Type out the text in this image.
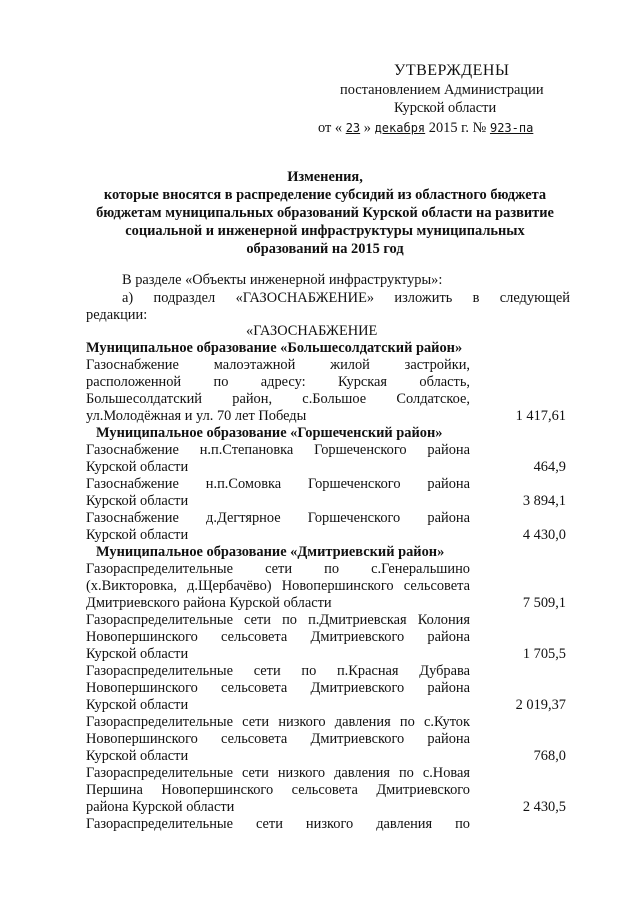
УТВЕРЖДЕНЫ
постановлением Администрации
Курской области
от « 23 » декабря 2015 г. № 923-па
Изменения,
которые вносятся в распределение субсидий из областного бюджета
бюджетам муниципальных образований Курской области на развитие
социальной и инженерной инфраструктуры муниципальных
образований на 2015 год
В разделе «Объекты инженерной инфраструктуры»:
а) подраздел «ГАЗОСНАБЖЕНИЕ» изложить в следующей
редакции:
«ГАЗОСНАБЖЕНИЕ
Муниципальное образование «Большесолдатский район»
Газоснабжение малоэтажной жилой застройки,
расположенной по адресу: Курская область,
Большесолдатский район, с.Большое Солдатское,
ул.Молодёжная и ул. 70 лет Победы	1 417,61
Муниципальное образование «Горшеченский район»
Газоснабжение н.п.Степановка Горшеченского района
Курской области	464,9
Газоснабжение н.п.Сомовка Горшеченского района
Курской области	3 894,1
Газоснабжение д.Дегтярное Горшеченского района
Курской области	4 430,0
Муниципальное образование «Дмитриевский район»
Газораспределительные сети по с.Генеральшино
(х.Викторовка, д.Щербачёво) Новопершинского сельсовета
Дмитриевского района Курской области	7 509,1
Газораспределительные сети по п.Дмитриевская Колония
Новопершинского сельсовета Дмитриевского района
Курской области	1 705,5
Газораспределительные сети по п.Красная Дубрава
Новопершинского сельсовета Дмитриевского района
Курской области	2 019,37
Газораспределительные сети низкого давления по с.Куток
Новопершинского сельсовета Дмитриевского района
Курской области	768,0
Газораспределительные сети низкого давления по с.Новая
Першина Новопершинского сельсовета Дмитриевского
района Курской области	2 430,5
Газораспределительные сети низкого давления по
